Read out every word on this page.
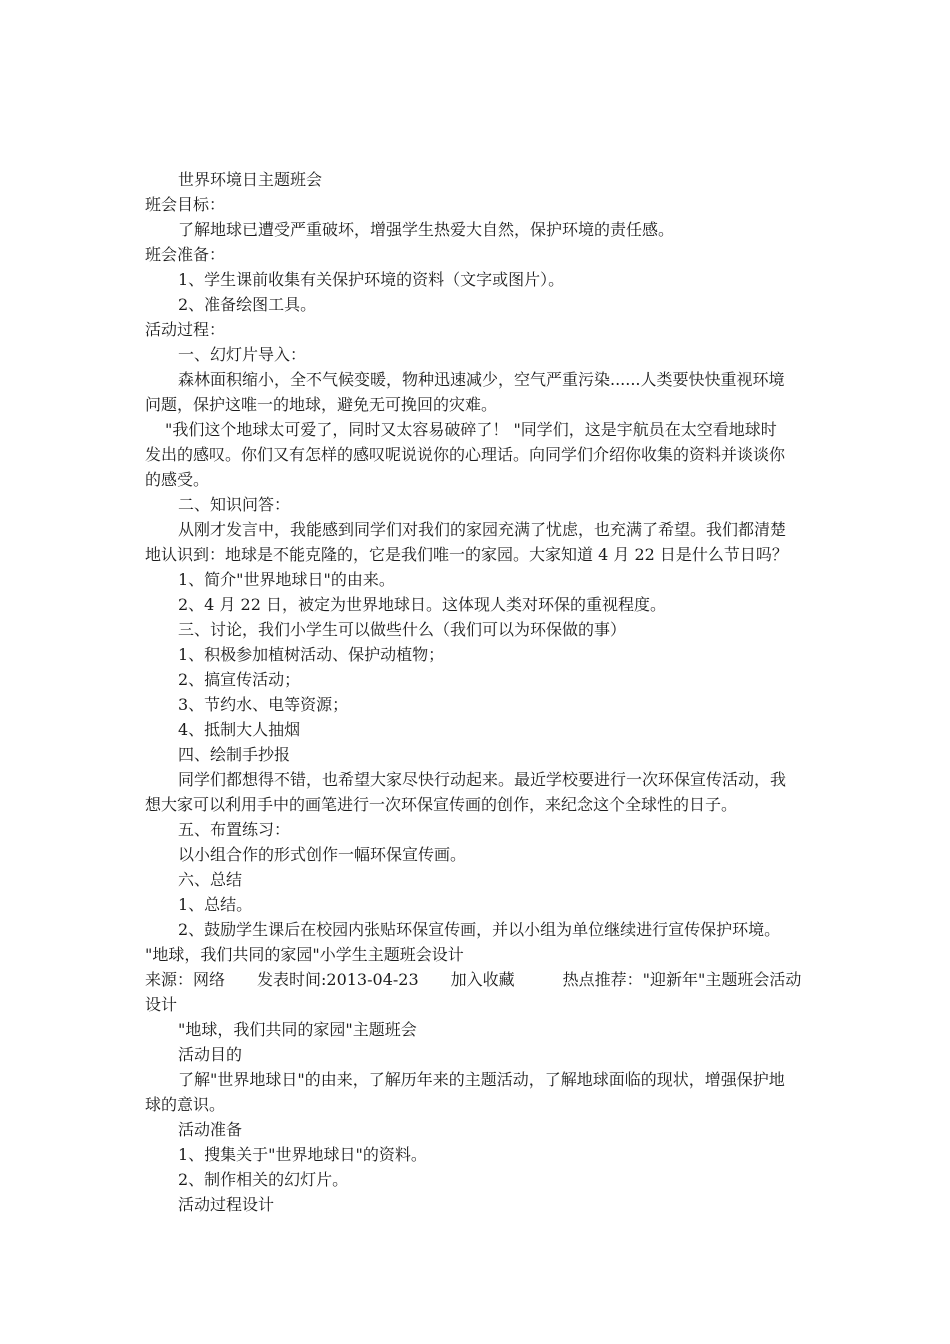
世界环境日主题班会
班会目标：
了解地球已遭受严重破坏，增强学生热爱大自然，保护环境的责任感。
班会准备：
1、学生课前收集有关保护环境的资料（文字或图片）。
2、准备绘图工具。
活动过程：
一、幻灯片导入：
森林面积缩小，全不气候变暖，物种迅速减少，空气严重污染......人类要快快重视环境
问题，保护这唯一的地球，避免无可挽回的灾难。
"我们这个地球太可爱了，同时又太容易破碎了！ "同学们，这是宇航员在太空看地球时
发出的感叹。你们又有怎样的感叹呢说说你的心理话。向同学们介绍你收集的资料并谈谈你
的感受。
二、知识问答：
从刚才发言中，我能感到同学们对我们的家园充满了忧虑，也充满了希望。我们都清楚
地认识到：地球是不能克隆的，它是我们唯一的家园。大家知道 4 月 22 日是什么节日吗？
1、简介"世界地球日"的由来。
2、4 月 22 日，被定为世界地球日。这体现人类对环保的重视程度。
三、讨论，我们小学生可以做些什么（我们可以为环保做的事）
1、积极参加植树活动、保护动植物；
2、搞宣传活动；
3、节约水、电等资源；
4、抵制大人抽烟
四、绘制手抄报
同学们都想得不错，也希望大家尽快行动起来。最近学校要进行一次环保宣传活动，我
想大家可以利用手中的画笔进行一次环保宣传画的创作，来纪念这个全球性的日子。
五、布置练习：
以小组合作的形式创作一幅环保宣传画。
六、总结
1、总结。
2、鼓励学生课后在校园内张贴环保宣传画，并以小组为单位继续进行宣传保护环境。
"地球，我们共同的家园"小学生主题班会设计
来源：网络　　发表时间:2013-04-23　　加入收藏　　　热点推荐："迎新年"主题班会活动
设计
"地球，我们共同的家园"主题班会
活动目的
了解"世界地球日"的由来，了解历年来的主题活动，了解地球面临的现状，增强保护地
球的意识。
活动准备
1、搜集关于"世界地球日"的资料。
2、制作相关的幻灯片。
活动过程设计
